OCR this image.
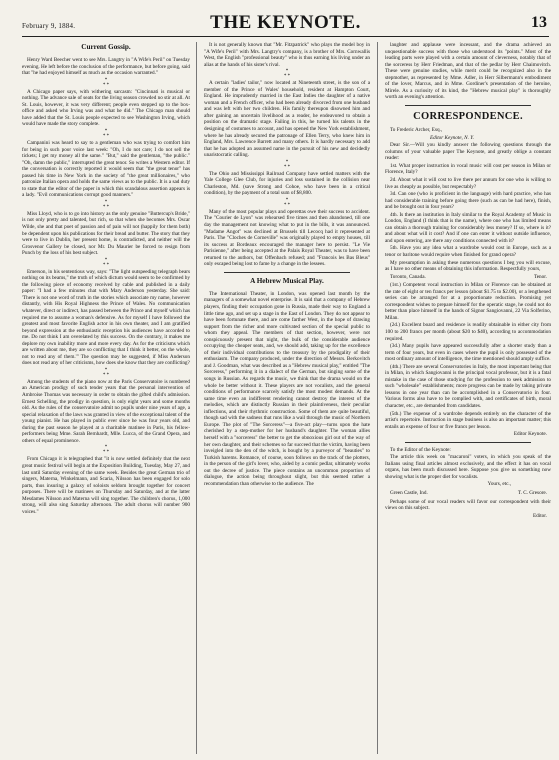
February 9, 1884.	THE KEYNOTE.	13
Current Gossip.

Henry Ward Beecher went to see Mrs. Langtry in "A Wife's Peril" on Tuesday evening. He left before the conclusion of the performance, but before going, said that "he had enjoyed himself as much as the occasion warranted."

*
* *

A Chicago paper says, with withering sarcasm: "Cincinnati is musical or nothing. The advance sale of seats for the living season crowded no stir at all. At St. Louis, however, it was very different; people even stepped up to the box-office and asked who Irving was and what he did." The Chicago man should have added that the St. Louis people expected to see Washington Irving, which would have made the story complete.

*
* *

Campanini was heard to say to a gentleman who was trying to comfort him for being in such poor voice last week: "Oh, I do not care; I do not sell the tickets; I get my money all the same." "But," said the gentleman, "the public." "Oh, damn the public," interrupted the great tenor. So writes a Western editor. If the conversation is correctly reported it would seem that "the great tenor" has passed his time in New York in the society of "the great millionaires," who patronize Italian opera and holds the same views as to the public. It is a sad duty to state that the editor of the paper in which this scandalous assertion appears is a lady. "Evil communications corrupt good manners."

*
* *

Miss Lloyd, who is to go into history as the only genuine "Buttercup's Bride," is not only pretty and talented, but rich, so that when she becomes Mrs. Oscar Wilde, she and that poet of passion and of pain will not (happily for them both) be dependent upon his publications for their bread and butter. The story that they were to live in Dublin, her present home, is contradicted, and neither will the Grosvenor Gallery be closed, nor Mr. Du Maurier be forced to resign from Punch by the loss of his best subject.

*
* *

Emerson, in his sententious way, says: "The light outspeeding telegraph bears nothing on its beams," the truth of which dictum would seem to be confirmed by the following piece of economy received by cable and published in a daily paper: "I had a few minutes chat with Mary Anderson yesterday. She said: 'There is not one word of truth in the stories which associate my name, however distantly, with His Royal Highness the Prince of Wales. No communication whatever, direct or indirect, has passed between the Prince and myself which has required me to assume a woman's defensive. As for myself I have followed the greatest and most favorite English actor in his own theater, and I am gratified beyond expression at the enthusiastic reception his audiences have accorded to me. Do not think I am overelated by this success. On the contrary, it makes me deplore my own inability more and more every day. As for the criticisms which are written about me, they are so conflicting that I think it better, on the whole, not to read any of them.'" The question may be suggested, if Miss Anderson does not read any of her criticisms, how does she know that they are conflicting?

*
* *

Among the students of the piano now at the Paris Conservatoire is numbered an American prodigy of such tender years that the personal intervention of Ambroise Thomas was necessary in order to obtain the gifted child's admission. Ernest Schelling, the prodigy in question, is only eight years and some months old. As the rules of the conservatoire admit no pupils under nine years of age, a special relaxation of the laws was granted in view of the exceptional talent of the young pianist. He has played in public ever since he was four years old, and during the past season he played at a charitable matinee in Paris, his fellow-performers being Mme. Sarah Bernhardt, Mlle. Lucca, of the Grand Opera, and others of equal prominence.

*
* *

From Chicago it is telegraphed that "it is now settled definitely that the next great music festival will begin at the Exposition Building, Tuesday, May 27, and last until Saturday evening of the same week. Besides the great German trio of singers, Materna, Winkelmann, and Scaria, Nilsson has been engaged for solo parts, thus insuring a galaxy of soloists seldom brought together for concert purposes. There will be matinees on Thursday and Saturday, and at the latter Mesdames Nilsson and Materna will sing together. The children's chorus, 1,000 strong, will also sing Saturday afternoon. The adult chorus will number 900 voices."

It is not generally known that "Mr. Fitzpatrick" who plays the model boy in "A Wife's Peril" with Mrs. Langtry's company, is a brother of Mrs. Cornwallis West, the English "professional beauty" who is thus earning his living under an alias at the hands of his sister's rival.

*
* *

A certain "ladies' tailor," now located at Nineteenth street, is the son of a member of the Prince of Wales' household, resident at Hampton Court, England. He imprudently married in the East Indies the daughter of a native woman and a French officer, who had been already divorced from one husband and was left with her two children. His family thereupon disowned him and after gaining an uncertain livelihood as a reader, he endeavored to obtain a position on the dramatic stage. Failing in this, he turned his talents in the designing of costumes to account, and has opened the New York establishment, where he has already secured the patronage of Ellen Terry, who knew him in England, Mrs. Lawrence Barrett and many others. It is hardly necessary to add that he has adopted an assumed name in the pursuit of his new and decidedly unaristocratic calling.

*
* *

The Ohio and Mississippi Railroad Company have settled matters with the Yale College Glee Club, for injuries and loss sustained in the collision near Charleston, Md. (save Strong and Cohoe, who have been in a critical condition), by the payment of a total sum of $8,800.

*
* *

Many of the most popular plays and operettas owe their success to accident. The "Courier de Lyon" was rehearsed five times and then abandoned, till one day the management not knowing what to put in the bills, it was announced. "Madame Angot" was declined at Brussels till Lecocq had it represented at Paris. The "Cloches de Corneville" was originally played to empty houses, till its success at Bordeaux encouraged the manager here to persist. "Le Vie Parisienne," after being accepted at the Palais Royal Theater, was to have been returned to the authors, but Offenbach refused; and "Francois les Bas Bleus" only escaped being lost to fame by a change in the lessees.

A Hebrew Musical Play.

The International Theater, in London, was opened last month by the managers of a somewhat novel enterprise. It is said that a company of Hebrew players, finding their occupation gone in Russia, made their way to England a little time ago, and set up a stage in the East of London. They do not appear to have been fortunate there, and are come farther West, in the hope of drawing support from the richer and more cultivated section of the special public to whom they appeal. The members of that section, however, were not conspicuously present that night, the bulk of the considerable audience occupying the cheaper seats, and, we should add, taking up for the excellence of their individual contributions to the treasury by the prodigality of their enthusiasm. The company produced, under the direction of Messrs. Berkovitch and J. Goodman, what was described as a "Hebrew musical play," entitled "The Sorceress," performing it in a dialect of the German, but singing some of the songs in Russian. As regards the music, we think that the drama would on the whole be better without it. These players are not vocalists, and the general conditions of performance scarcely satisfy the most modest demands. At the same time even an indifferent rendering cannot destroy the interest of the melodies, which are distinctly Russian in their plaintiveness, their peculiar inflections, and their rhythmic construction. Some of them are quite beautiful, though sad with the sadness that runs like a wail through the music of Northern Europe. The plot of "The Sorceress"—a five-act play—turns upon the hate cherished by a step-mother for her husband's daughter. The woman allies herself with a "sorceress" the better to get the obnoxious girl out of the way of her own daughter, and their schemes so far succeed that the victim, having been inveigled into the den of the witch, is bought by a purveyor of "beauties" to Turkish harems. Romance, of course, soon follows on the track of the plotters, in the person of the girl's lover, who, aided by a comic pedlar, ultimately works out the decree of justice. The piece contains an uncommon proportion of dialogue, the action being throughout slight, but this seemed rather a recommendation than otherwise to the audience. The

laughter and applause were incessant, and the drama achieved an unquestionable success with those who understood its "points." Most of the leading parts were played with a certain amount of cleverness, notably that of the sorceress by Herr Friedman, and that of the pedlar by Herr Chaimovitch. These were genuine studies, while merit could be recognized also in the stepmother, as represented by Mme. Adler, in Herr Silbermann's embodiment of the lover, Marcus, and in Mme. Gordiner's presentation of the heroine, Mirele. As a curiosity of its kind, the "Hebrew musical play" is thoroughly worth an evening's attention.

CORRESPONDENCE.

To Frederic Archer, Esq.,

Editor Keynote, N. Y.

Dear Sir.—Will you kindly answer the following questions through the columns of your valuable paper The Keynote, and greatly oblige a constant reader:

1st. What proper instruction in vocal music will cost per season in Milan or Florence, Italy?

2d. About what it will cost to live there per annum for one who is willing to live as cheaply as possible, but respectably?

3d. Can one (who is proficient in the language) with hard practice, who has had considerable training before going there (such as can be had here), finish, and be brought out in four years?

4th. Is there an institution in Italy similar to the Royal Academy of Music in London, England (I think that is the name), where one who has limited means can obtain a thorough training for considerably less money? If so, where is it? and about what will it cost? And if one can enter it without outside influence, and upon entering, are there any conditions connected with it?

5th. Have you any idea what a wardrobe would cost in Europe, such as a tenor or baritone would require when finished for grand opera?

My presumption in asking these numerous questions I beg you will excuse, as I have no other means of obtaining this information. Respectfully yours,

Toronto, Canada.	Tenor.

(1st.) Competent vocal instruction in Milan or Florence can be obtained at the rate of eight or ten francs per lesson (about $1.75 to $2.00), or a lengthened series can be arranged for at a proportionate reduction. Promising yet correspondent wishes to prepare himself for the operatic stage, he could not do better than place himself in the hands of Signor Sangiovanni, 22 Via Solferino, Milan.

(2d.) Excellent board and residence is readily obtainable in either city from 100 to 200 francs per month (about $20 to $40), according to accommodation required.

(3d.) Many pupils have appeared successfully after a shorter study than a term of four years, but even in cases where the pupil is only possessed of the most ordinary amount of intelligence, the time mentioned should amply suffice.

(4th.) There are several Conservatories in Italy, the most important being that in Milan, in which Sangiovanni is the principal vocal professor, but it is a fatal mistake in the case of those studying for the profession to seek admission to such "wholesale" establishments; more progress can be made by taking private lessons in one year than can be accomplished in a Conservatorio in four. Various forms also have to be complied with, and certificates of birth, moral character, etc., are demanded from candidates.

(5th.) The expense of a wardrobe depends entirely on the character of the artist's repertoire. Instruction in stage business is also an important matter; this entails an expense of four or five francs per lesson.

Editor Keynote.

To the Editor of the Keynote:

The article this week on "macaroni" voters, in which you speak of the Italians using final articles almost exclusively, and the effect it has on vocal organs, has been much discussed here. Suppose you give us something now showing what is the proper diet for vocalists.

Yours, etc.,
Green Castle, Ind.	T. C. Gresore.

Perhaps some of our vocal readers will favor our correspondent with their views on this subject.

Editor.
